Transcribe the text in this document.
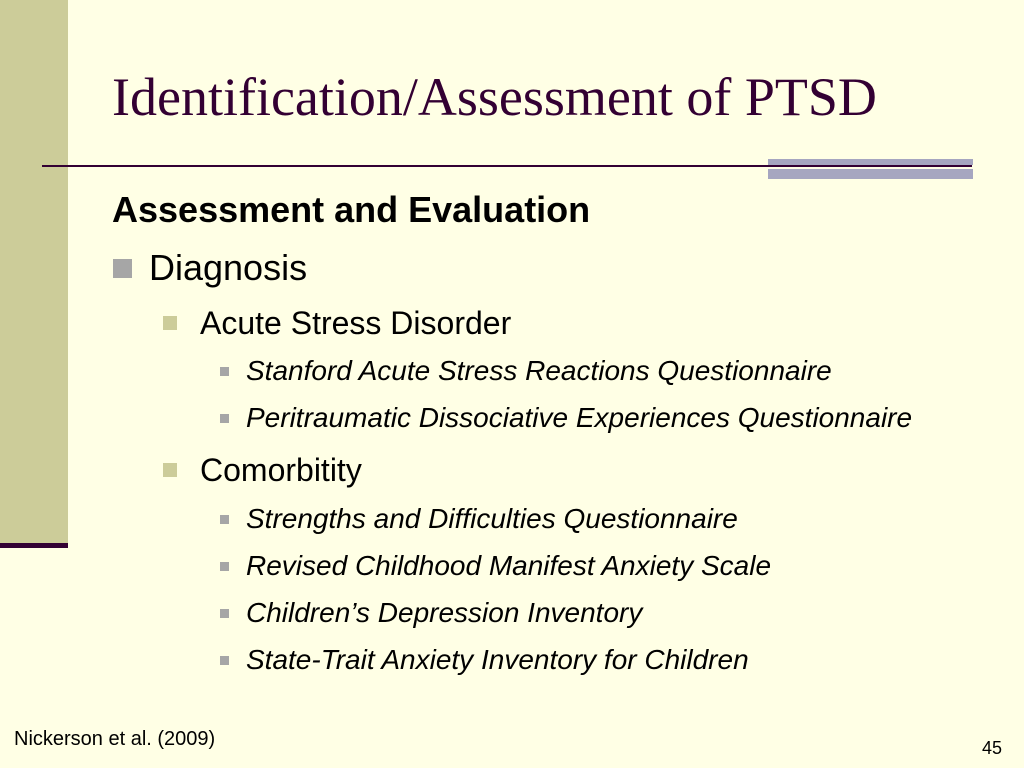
Identification/Assessment of PTSD
Assessment and Evaluation
Diagnosis
Acute Stress Disorder
Stanford Acute Stress Reactions Questionnaire
Peritraumatic Dissociative Experiences Questionnaire
Comorbitity
Strengths and Difficulties Questionnaire
Revised Childhood Manifest Anxiety Scale
Children’s Depression Inventory
State-Trait Anxiety Inventory for Children
Nickerson et al. (2009)	45
